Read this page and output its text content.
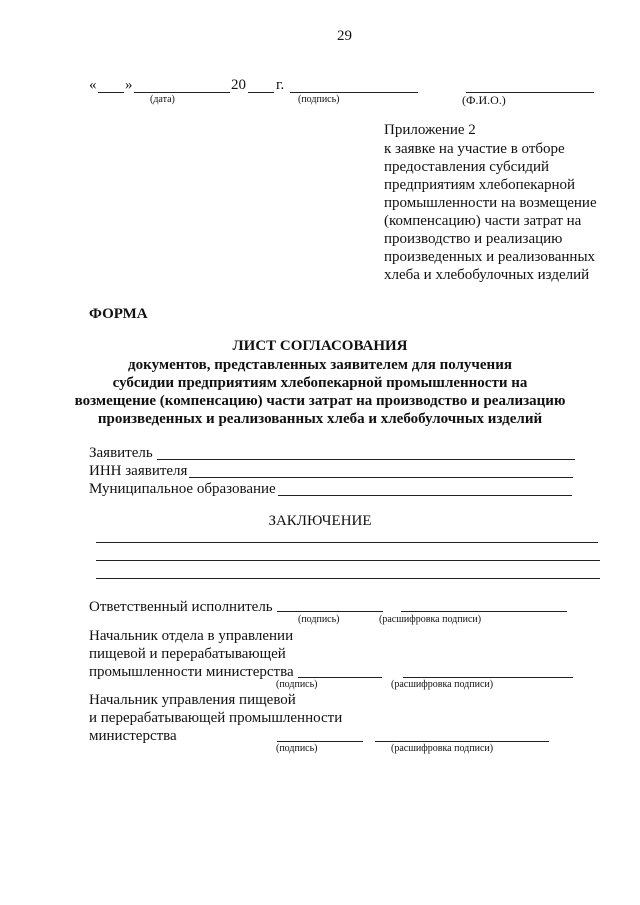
29
« »	20 г.
(дата)	(подпись)	(Ф.И.О.)
Приложение 2
к заявке на участие в отборе
предоставления субсидий
предприятиям хлебопекарной
промышленности на возмещение
(компенсацию) части затрат на
производство и реализацию
произведенных и реализованных
хлеба и хлебобулочных изделий
ФОРМА
ЛИСТ СОГЛАСОВАНИЯ
документов, представленных заявителем для получения
субсидии предприятиям хлебопекарной промышленности на
возмещение (компенсацию) части затрат на производство и реализацию
произведенных и реализованных хлеба и хлебобулочных изделий
Заявитель
ИНН заявителя
Муниципальное образование
ЗАКЛЮЧЕНИЕ
Ответственный исполнитель
(подпись)	(расшифровка подписи)
Начальник отдела в управлении
пищевой и перерабатывающей
промышленности министерства
(подпись)	(расшифровка подписи)
Начальник управления пищевой
и перерабатывающей промышленности
министерства
(подпись)	(расшифровка подписи)
